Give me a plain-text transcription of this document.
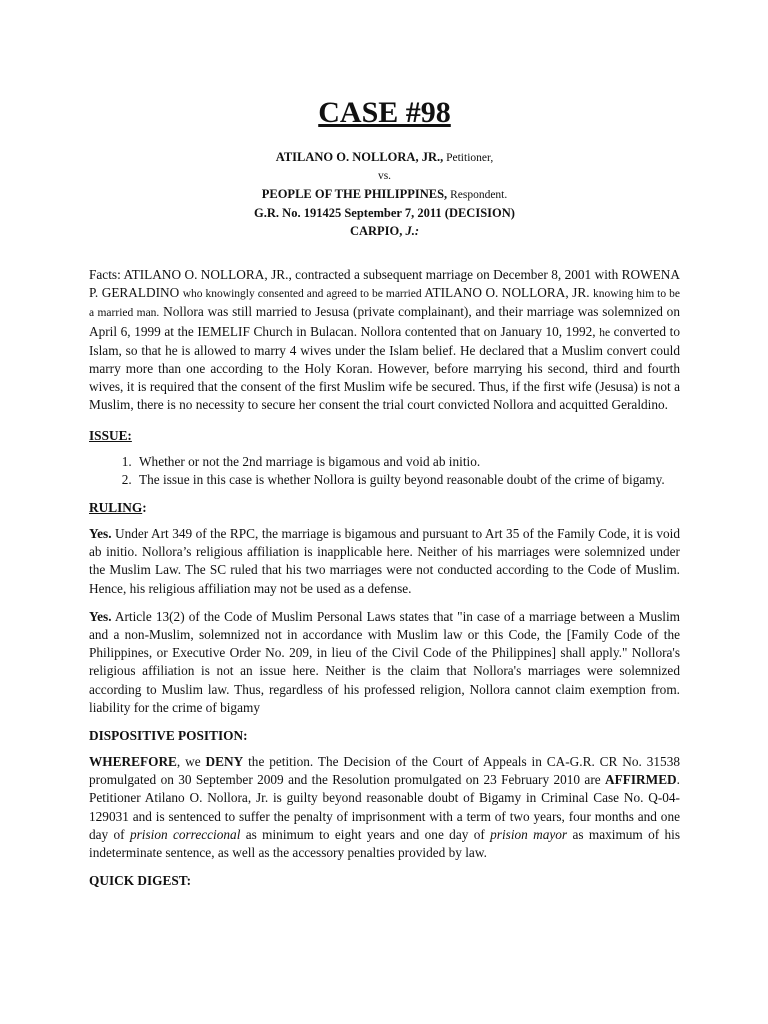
CASE #98
ATILANO O. NOLLORA, JR., Petitioner,
vs.
PEOPLE OF THE PHILIPPINES, Respondent.
G.R. No. 191425 September 7, 2011 (DECISION)
CARPIO, J.:

Facts: ATILANO O. NOLLORA, JR., contracted a subsequent marriage on December 8, 2001 with ROWENA P. GERALDINO who knowingly consented and agreed to be married ATILANO O. NOLLORA, JR. knowing him to be a married man. Nollora was still married to Jesusa (private complainant), and their marriage was solemnized on April 6, 1999 at the IEMELIF Church in Bulacan. Nollora contented that on January 10, 1992, he converted to Islam, so that he is allowed to marry 4 wives under the Islam belief. He declared that a Muslim convert could marry more than one according to the Holy Koran. However, before marrying his second, third and fourth wives, it is required that the consent of the first Muslim wife be secured. Thus, if the first wife (Jesusa) is not a Muslim, there is no necessity to secure her consent the trial court convicted Nollora and acquitted Geraldino.

ISSUE:
1. Whether or not the 2nd marriage is bigamous and void ab initio.
2. The issue in this case is whether Nollora is guilty beyond reasonable doubt of the crime of bigamy.
RULING:

Yes. Under Art 349 of the RPC, the marriage is bigamous and pursuant to Art 35 of the Family Code, it is void ab initio. Nollora’s religious affiliation is inapplicable here. Neither of his marriages were solemnized under the Muslim Law. The SC ruled that his two marriages were not conducted according to the Code of Muslim. Hence, his religious affiliation may not be used as a defense.

Yes. Article 13(2) of the Code of Muslim Personal Laws states that "in case of a marriage between a Muslim and a non-Muslim, solemnized not in accordance with Muslim law or this Code, the [Family Code of the Philippines, or Executive Order No. 209, in lieu of the Civil Code of the Philippines] shall apply." Nollora's religious affiliation is not an issue here. Neither is the claim that Nollora's marriages were solemnized according to Muslim law. Thus, regardless of his professed religion, Nollora cannot claim exemption from. liability for the crime of bigamy

DISPOSITIVE POSITION:

WHEREFORE, we DENY the petition. The Decision of the Court of Appeals in CA-G.R. CR No. 31538 promulgated on 30 September 2009 and the Resolution promulgated on 23 February 2010 are AFFIRMED. Petitioner Atilano O. Nollora, Jr. is guilty beyond reasonable doubt of Bigamy in Criminal Case No. Q-04-129031 and is sentenced to suffer the penalty of imprisonment with a term of two years, four months and one day of prision correccional as minimum to eight years and one day of prision mayor as maximum of his indeterminate sentence, as well as the accessory penalties provided by law.

QUICK DIGEST:
